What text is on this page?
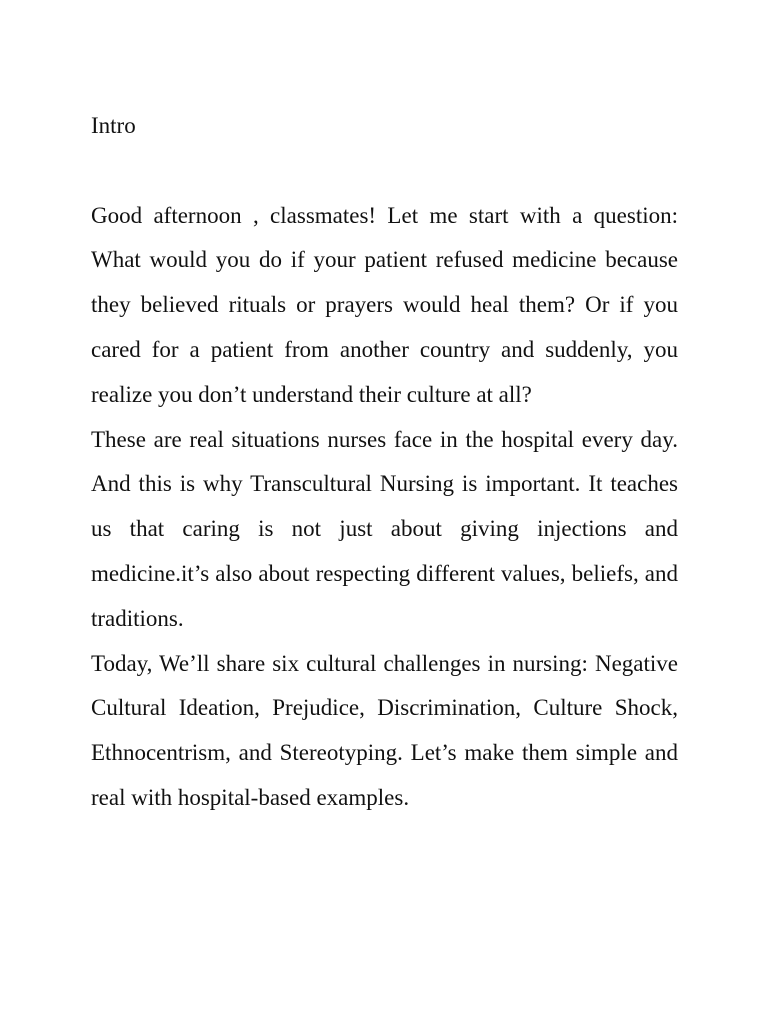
Intro

Good afternoon , classmates! Let me start with a question: What would you do if your patient refused medicine because they believed rituals or prayers would heal them? Or if you cared for a patient from another country and suddenly, you realize you don’t understand their culture at all?

These are real situations nurses face in the hospital every day. And this is why Transcultural Nursing is important. It teaches us that caring is not just about giving injections and medicine.it’s also about respecting different values, beliefs, and traditions.

Today, We’ll share six cultural challenges in nursing: Negative Cultural Ideation, Prejudice, Discrimination, Culture Shock, Ethnocentrism, and Stereotyping. Let’s make them simple and real with hospital-based examples.
